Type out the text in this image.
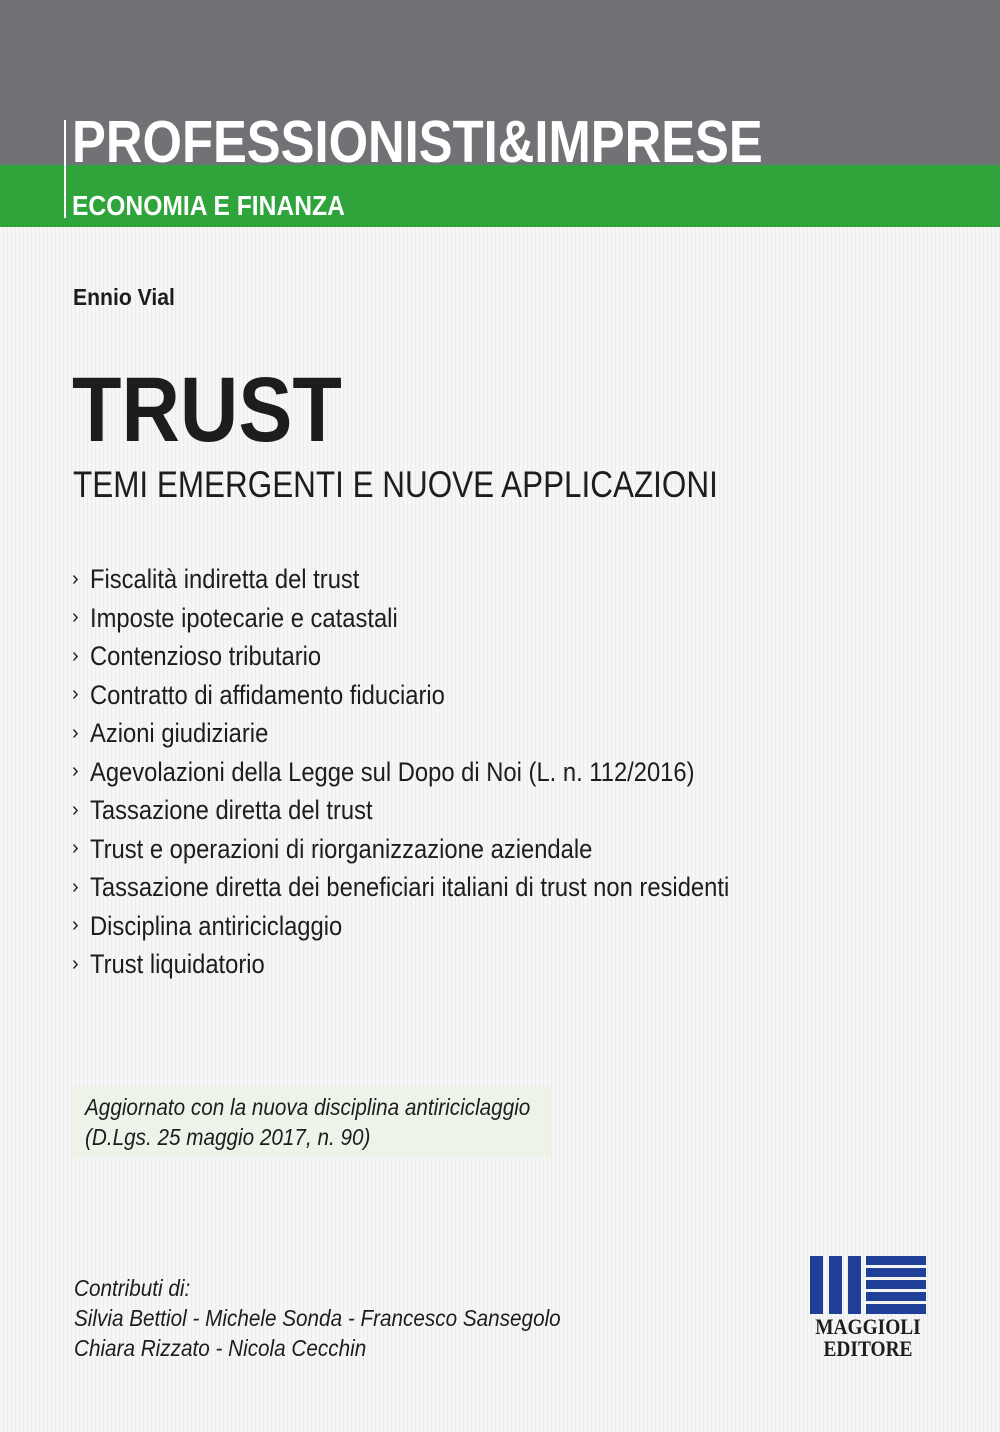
PROFESSIONISTI&IMPRESE
ECONOMIA E FINANZA
Ennio Vial
TRUST
TEMI EMERGENTI E NUOVE APPLICAZIONI
› Fiscalità indiretta del trust
› Imposte ipotecarie e catastali
› Contenzioso tributario
› Contratto di affidamento fiduciario
› Azioni giudiziarie
› Agevolazioni della Legge sul Dopo di Noi (L. n. 112/2016)
› Tassazione diretta del trust
› Trust e operazioni di riorganizzazione aziendale
› Tassazione diretta dei beneficiari italiani di trust non residenti
› Disciplina antiriciclaggio
› Trust liquidatorio
Aggiornato con la nuova disciplina antiriciclaggio
(D.Lgs. 25 maggio 2017, n. 90)
Contributi di:
Silvia Bettiol - Michele Sonda - Francesco Sansegolo
Chiara Rizzato - Nicola Cecchin
MAGGIOLI
EDITORE
